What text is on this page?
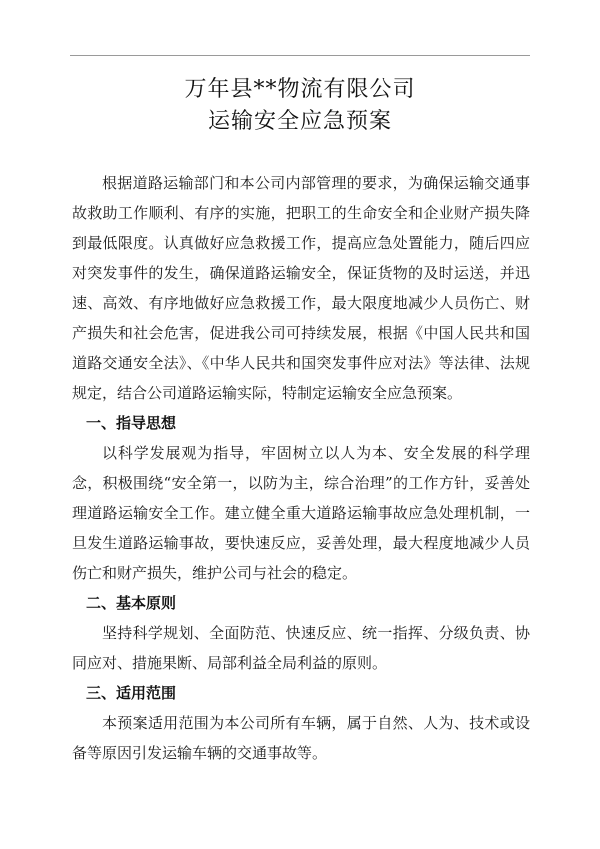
万年县**物流有限公司
运输安全应急预案

根据道路运输部门和本公司内部管理的要求，为确保运输交通事故救助工作顺利、有序的实施，把职工的生命安全和企业财产损失降到最低限度。认真做好应急救援工作，提高应急处置能力，随后四应对突发事件的发生，确保道路运输安全，保证货物的及时运送，并迅速、高效、有序地做好应急救援工作，最大限度地减少人员伤亡、财产损失和社会危害，促进我公司可持续发展，根据《中国人民共和国道路交通安全法》、《中华人民共和国突发事件应对法》等法律、法规规定，结合公司道路运输实际，特制定运输安全应急预案。

一、指导思想

以科学发展观为指导，牢固树立以人为本、安全发展的科学理念，积极围绕“安全第一，以防为主，综合治理”的工作方针，妥善处理道路运输安全工作。建立健全重大道路运输事故应急处理机制，一旦发生道路运输事故，要快速反应，妥善处理，最大程度地减少人员伤亡和财产损失，维护公司与社会的稳定。

二、基本原则

坚持科学规划、全面防范、快速反应、统一指挥、分级负责、协同应对、措施果断、局部利益全局利益的原则。

三、适用范围

本预案适用范围为本公司所有车辆，属于自然、人为、技术或设备等原因引发运输车辆的交通事故等。
